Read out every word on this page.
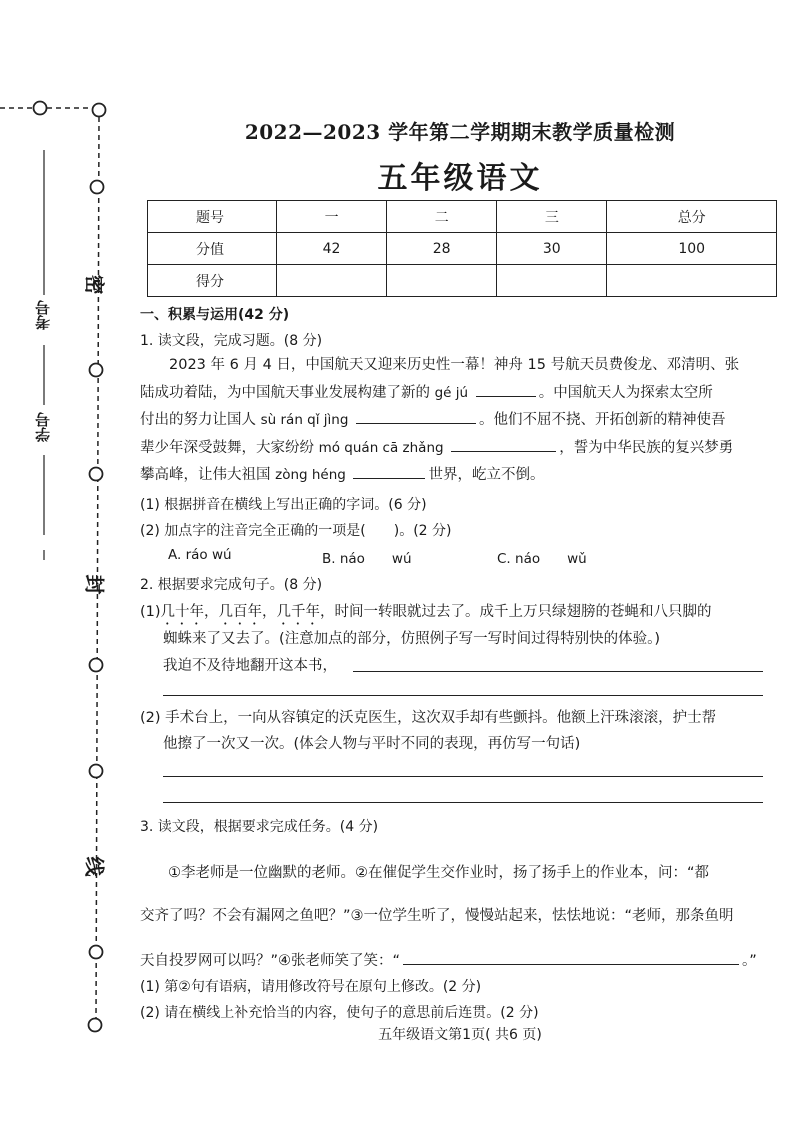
考号
学号
密
封
线
2022—2023 学年第二学期期末教学质量检测
五年级语文
题号	一	二	三	总分
分值	42	28	30	100
得分				
一、积累与运用(42 分)
1. 读文段，完成习题。(8 分)
2023 年 6 月 4 日，中国航天又迎来历史性一幕！神舟 15 号航天员费俊龙、邓清明、张
陆成功着陆，为中国航天事业发展构建了新的 gé jú	。中国航天人为探索太空所
付出的努力让国人 sù rán qǐ jìng	。他们不屈不挠、开拓创新的精神使吾
辈少年深受鼓舞，大家纷纷 mó quán cā zhǎng	，誓为中华民族的复兴梦勇
攀高峰，让伟大祖国 zòng héng	世界，屹立不倒。
(1) 根据拼音在横线上写出正确的字词。(6 分)
(2) 加点字的注音完全正确的一项是(　　)。(2 分)
A. ráo wú	B. náo　　wú	C. náo　　wǔ
2. 根据要求完成句子。(8 分)
(1)几十年，几百年，几千年，时间一转眼就过去了。成千上万只绿翅膀的苍蝇和八只脚的
蜘蛛来了又去了。(注意加点的部分，仿照例子写一写时间过得特别快的体验。)
我迫不及待地翻开这本书，
(2) 手术台上，一向从容镇定的沃克医生，这次双手却有些颤抖。他额上汗珠滚滚，护士帮
他擦了一次又一次。(体会人物与平时不同的表现，再仿写一句话)
3. 读文段，根据要求完成任务。(4 分)
①李老师是一位幽默的老师。②在催促学生交作业时，扬了扬手上的作业本，问：“都
交齐了吗？不会有漏网之鱼吧？”③一位学生听了，慢慢站起来，怯怯地说：“老师，那条鱼明
天自投罗网可以吗？”④张老师笑了笑：“	。”
(1) 第②句有语病，请用修改符号在原句上修改。(2 分)
(2) 请在横线上补充恰当的内容，使句子的意思前后连贯。(2 分)
五年级语文第1页( 共6 页)
